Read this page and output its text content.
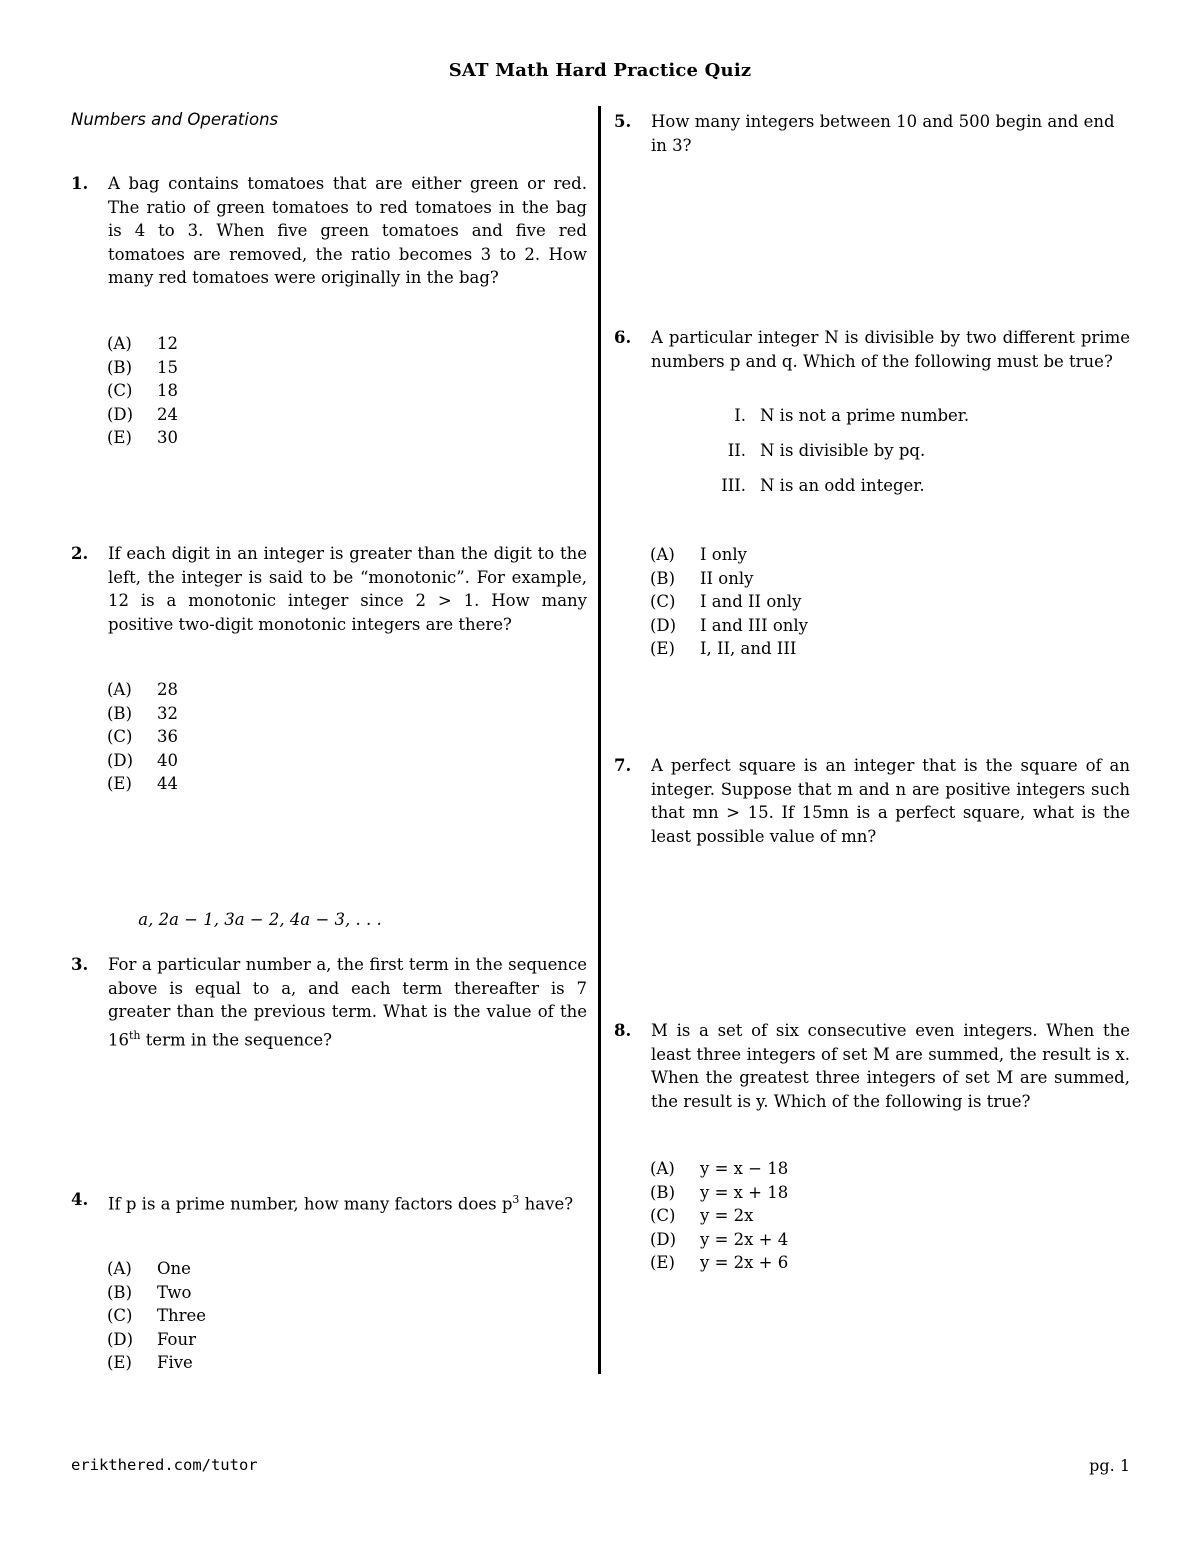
SAT Math Hard Practice Quiz
Numbers and Operations
1.	A bag contains tomatoes that are either green or red. The ratio of green tomatoes to red tomatoes in the bag is 4 to 3. When five green tomatoes and five red tomatoes are removed, the ratio becomes 3 to 2. How many red tomatoes were originally in the bag?
(A)	12
(B)	15
(C)	18
(D)	24
(E)	30
2.	If each digit in an integer is greater than the digit to the left, the integer is said to be “monotonic”. For example, 12 is a monotonic integer since 2 > 1. How many positive two-digit monotonic integers are there?
(A)	28
(B)	32
(C)	36
(D)	40
(E)	44
a, 2a − 1, 3a − 2, 4a − 3, . . .
3.	For a particular number a, the first term in the sequence above is equal to a, and each term thereafter is 7 greater than the previous term. What is the value of the 16th term in the sequence?
4.	If p is a prime number, how many factors does $p^3$ have?
(A)	One
(B)	Two
(C)	Three
(D)	Four
(E)	Five
5.	How many integers between 10 and 500 begin and end in 3?
6.	A particular integer N is divisible by two different prime numbers p and q. Which of the following must be true?
I. N is not a prime number.
II. N is divisible by pq.
III. N is an odd integer.
(A)	I only
(B)	II only
(C)	I and II only
(D)	I and III only
(E)	I, II, and III
7.	A perfect square is an integer that is the square of an integer. Suppose that m and n are positive integers such that mn > 15. If 15mn is a perfect square, what is the least possible value of mn?
8.	M is a set of six consecutive even integers. When the least three integers of set M are summed, the result is x. When the greatest three integers of set M are summed, the result is y. Which of the following is true?
(A)	y = x − 18
(B)	y = x + 18
(C)	y = 2x
(D)	y = 2x + 4
(E)	y = 2x + 6
erikthered.com/tutor	pg. 1
